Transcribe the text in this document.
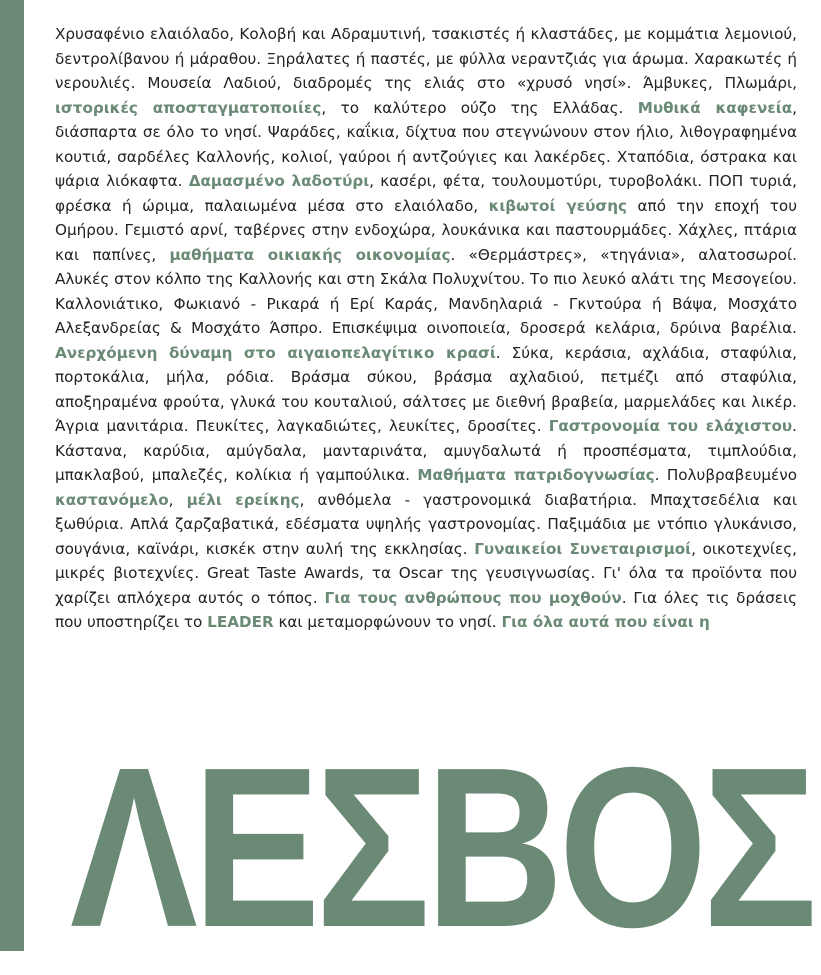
Χρυσαφένιο ελαιόλαδο, Κολοβή και Αδραμυτινή, τσακιστές ή κλαστάδες, με κομμάτια λεμονιού, δεντρολίβανου ή μάραθου. Ξηράλατες ή παστές, με φύλλα νεραντζιάς για άρωμα. Χαρακωτές ή νερουλιές. Μουσεία Λαδιού, διαδρομές της ελιάς στο «χρυσό νησί». Άμβυκες, Πλωμάρι, ιστορικές αποσταγματοποιίες, το καλύτερο ούζο της Ελλάδας. Μυθικά καφενεία, διάσπαρτα σε όλο το νησί. Ψαράδες, καΐκια, δίχτυα που στεγνώνουν στον ήλιο, λιθογραφημένα κουτιά, σαρδέλες Καλλονής, κολιοί, γαύροι ή αντζούγιες και λακέρδες. Χταπόδια, όστρακα και ψάρια λιόκαφτα. Δαμασμένο λαδοτύρι, κασέρι, φέτα, τουλουμοτύρι, τυροβολάκι. ΠΟΠ τυριά, φρέσκα ή ώριμα, παλαιωμένα μέσα στο ελαιόλαδο, κιβωτοί γεύσης από την εποχή του Ομήρου. Γεμιστό αρνί, ταβέρνες στην ενδοχώρα, λουκάνικα και παστουρμάδες. Χάχλες, πτάρια και παπίνες, μαθήματα οικιακής οικονομίας. «Θερμάστρες», «τηγάνια», αλατοσωροί. Αλυκές στον κόλπο της Καλλονής και στη Σκάλα Πολυχνίτου. Το πιο λευκό αλάτι της Μεσογείου. Καλλονιάτικο, Φωκιανό - Ρικαρά ή Ερί Καράς, Μανδηλαριά - Γκντούρα ή Βάψα, Μοσχάτο Αλεξανδρείας & Μοσχάτο Άσπρο. Επισκέψιμα οινοποιεία, δροσερά κελάρια, δρύινα βαρέλια. Ανερχόμενη δύναμη στο αιγαιοπελαγίτικο κρασί. Σύκα, κεράσια, αχλάδια, σταφύλια, πορτοκάλια, μήλα, ρόδια. Βράσμα σύκου, βράσμα αχλαδιού, πετμέζι από σταφύλια, αποξηραμένα φρούτα, γλυκά του κουταλιού, σάλτσες με διεθνή βραβεία, μαρμελάδες και λικέρ. Άγρια μανιτάρια. Πευκίτες, λαγκαδιώτες, λευκίτες, δροσίτες. Γαστρονομία του ελάχιστου. Κάστανα, καρύδια, αμύγδαλα, μανταρινάτα, αμυγδαλωτά ή προσπέσματα, τιμπλούδια, μπακλαβού, μπαλεζές, κολίκια ή γαμπούλικα. Μαθήματα πατριδογνωσίας. Πολυβραβευμένο καστανόμελο, μέλι ερείκης, ανθόμελα - γαστρονομικά διαβατήρια. Μπαχτσεδέλια και ξωθύρια. Απλά ζαρζαβατικά, εδέσματα υψηλής γαστρονομίας. Παξιμάδια με ντόπιο γλυκάνισο, σουγάνια, καϊνάρι, κισκέκ στην αυλή της εκκλησίας. Γυναικείοι Συνεταιρισμοί, οικοτεχνίες, μικρές βιοτεχνίες. Great Taste Awards, τα Oscar της γευσιγνωσίας. Γι' όλα τα προϊόντα που χαρίζει απλόχερα αυτός ο τόπος. Για τους ανθρώπους που μοχθούν. Για όλες τις δράσεις που υποστηρίζει το LEADER και μεταμορφώνουν το νησί. Για όλα αυτά που είναι η

ΛΕΣΒΟΣ
